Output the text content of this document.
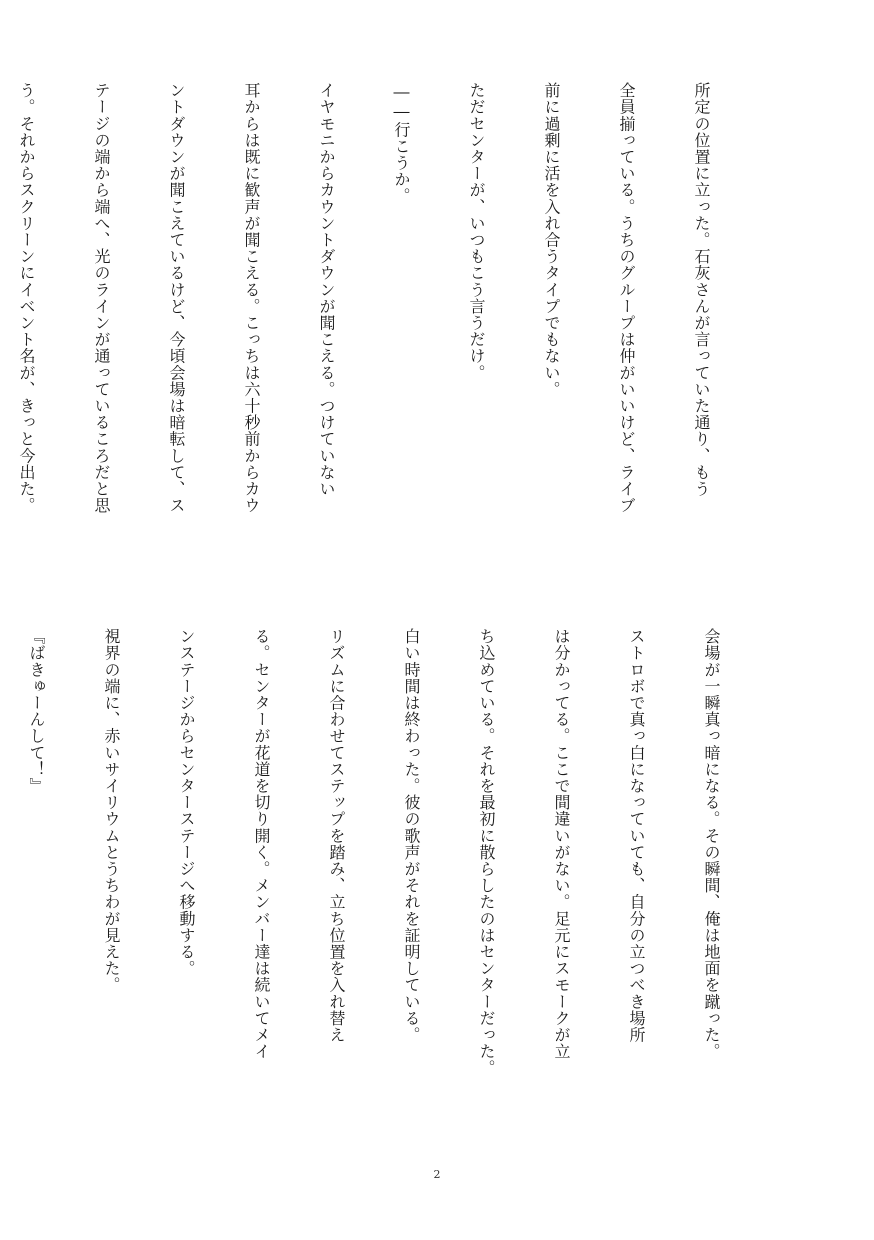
所定の位置に立った。石灰さんが言っていた通り、もう

全員揃っている。うちのグループは仲がいいけど、ライブ

前に過剰に活を入れ合うタイプでもない。

ただセンターが、いつもこう言うだけ。

――行こうか。

イヤモニからカウントダウンが聞こえる。つけていない

耳からは既に歓声が聞こえる。こっちは六十秒前からカウ

ントダウンが聞こえているけど、今頃会場は暗転して、ス

テージの端から端へ、光のラインが通っているころだと思

う。それからスクリーンにイベント名が、きっと今出た。

会場が一瞬真っ暗になる。その瞬間、俺は地面を蹴った。

ストロボで真っ白になっていても、自分の立つべき場所

は分かってる。ここで間違いがない。足元にスモークが立

ち込めている。それを最初に散らしたのはセンターだった。

白い時間は終わった。彼の歌声がそれを証明している。

リズムに合わせてステップを踏み、立ち位置を入れ替え

る。センターが花道を切り開く。メンバー達は続いてメイ

ンステージからセンターステージへ移動する。

視界の端に、赤いサイリウムとうちわが見えた。

『ばきゅーんして！』

2
